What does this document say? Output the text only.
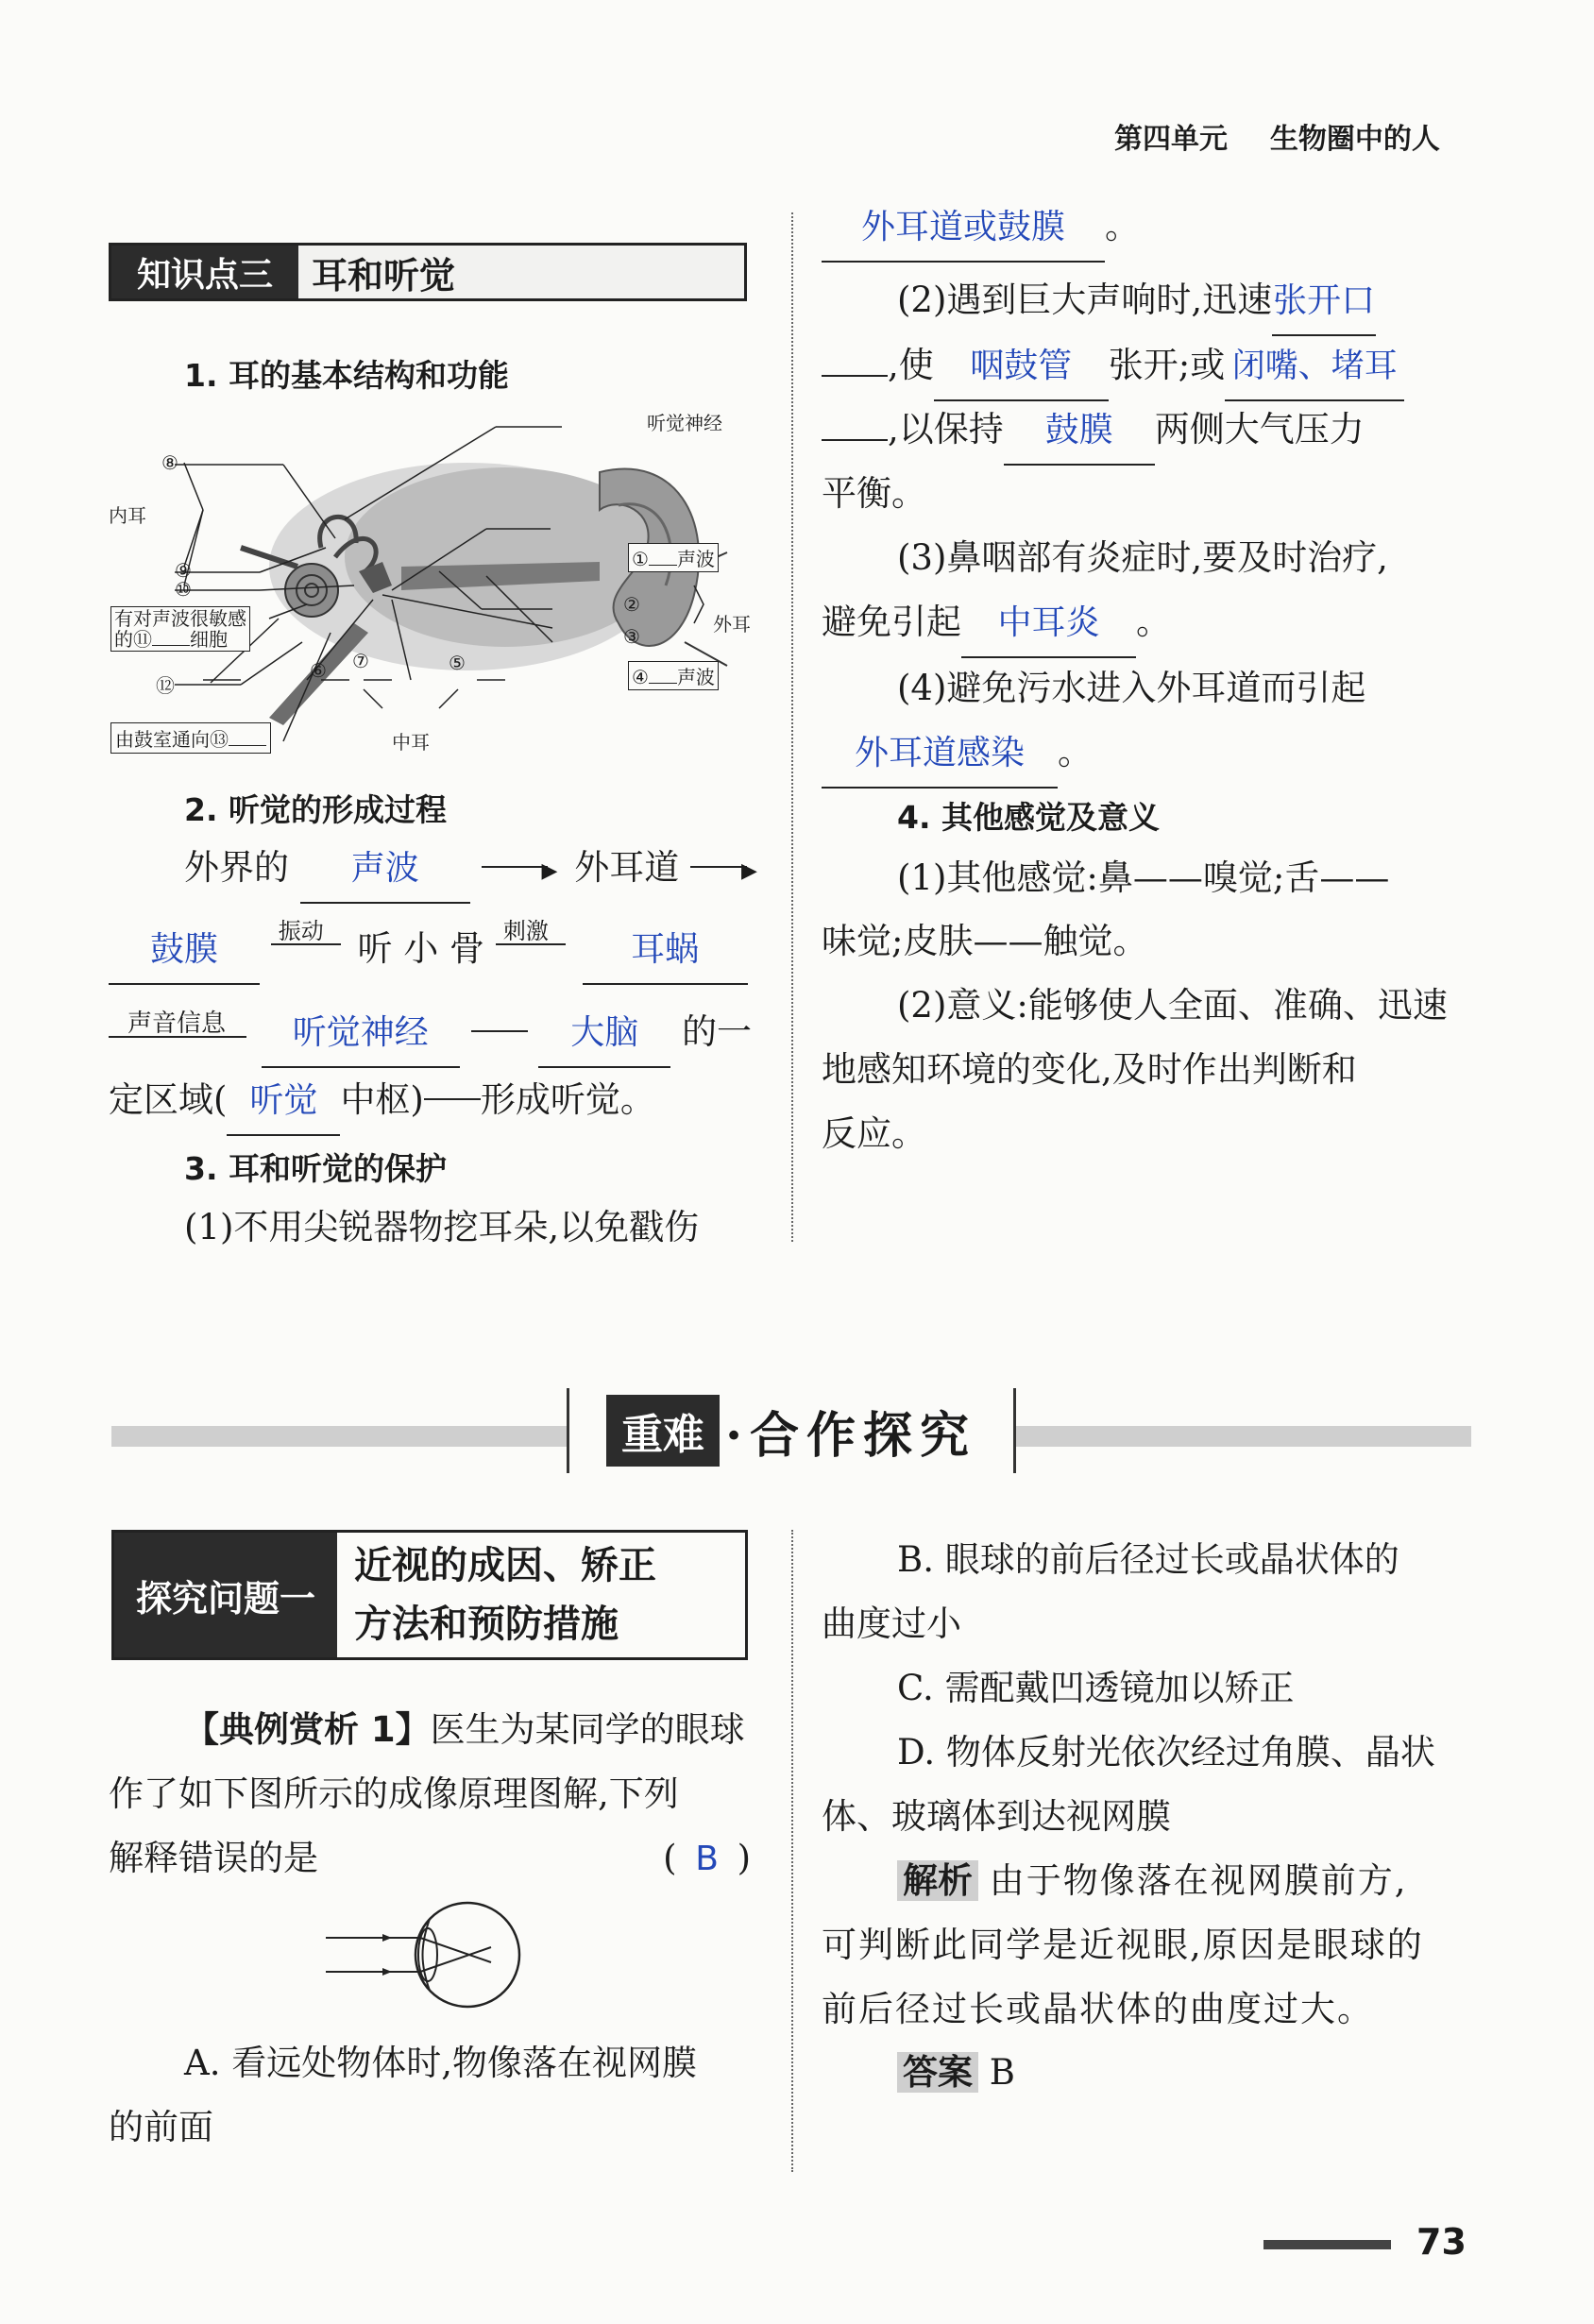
第四单元 生物圈中的人
知识点三	耳和听觉
1. 耳的基本结构和功能
听觉神经
内耳
⑧
⑨
⑩
有对声波很敏感
的⑪ 细胞
⑫
由鼓室通向⑬
⑥ ⑦	⑤
中耳
① 声波
②
③
外耳
④ 声波
2. 听觉的形成过程
外界的 声波	▶ 外耳道	▶
鼓膜	振动 听 小 骨 刺激 耳蜗
声音信息 听觉神经	大脑 的一
定区域( 听觉 中枢) 形成听觉。
3. 耳和听觉的保护
(1)不用尖锐器物挖耳朵,以免戳伤
外耳道或鼓膜 。
(2)遇到巨大声响时,迅速张开口
,使 咽鼓管 张开;或 闭嘴、堵耳
,以保持 鼓膜 两侧大气压力
平衡。
(3)鼻咽部有炎症时,要及时治疗,
避免引起 中耳炎 。
(4)避免污水进入外耳道而引起
外耳道感染 。
4. 其他感觉及意义
(1)其他感觉:鼻——嗅觉;舌——
味觉;皮肤——触觉。
(2)意义:能够使人全面、准确、迅速
地感知环境的变化,及时作出判断和
反应。
重难 ·合作探究
探究问题一
近视的成因、矫正
方法和预防措施
【典例赏析 1】医生为某同学的眼球
作了如下图所示的成像原理图解,下列
解释错误的是	( B )
A. 看远处物体时,物像落在视网膜
的前面
B. 眼球的前后径过长或晶状体的
曲度过小
C. 需配戴凹透镜加以矫正
D. 物体反射光依次经过角膜、晶状
体、玻璃体到达视网膜
解析 由于物像落在视网膜前方,
可判断此同学是近视眼,原因是眼球的
前后径过长或晶状体的曲度过大。
答案 B
73
